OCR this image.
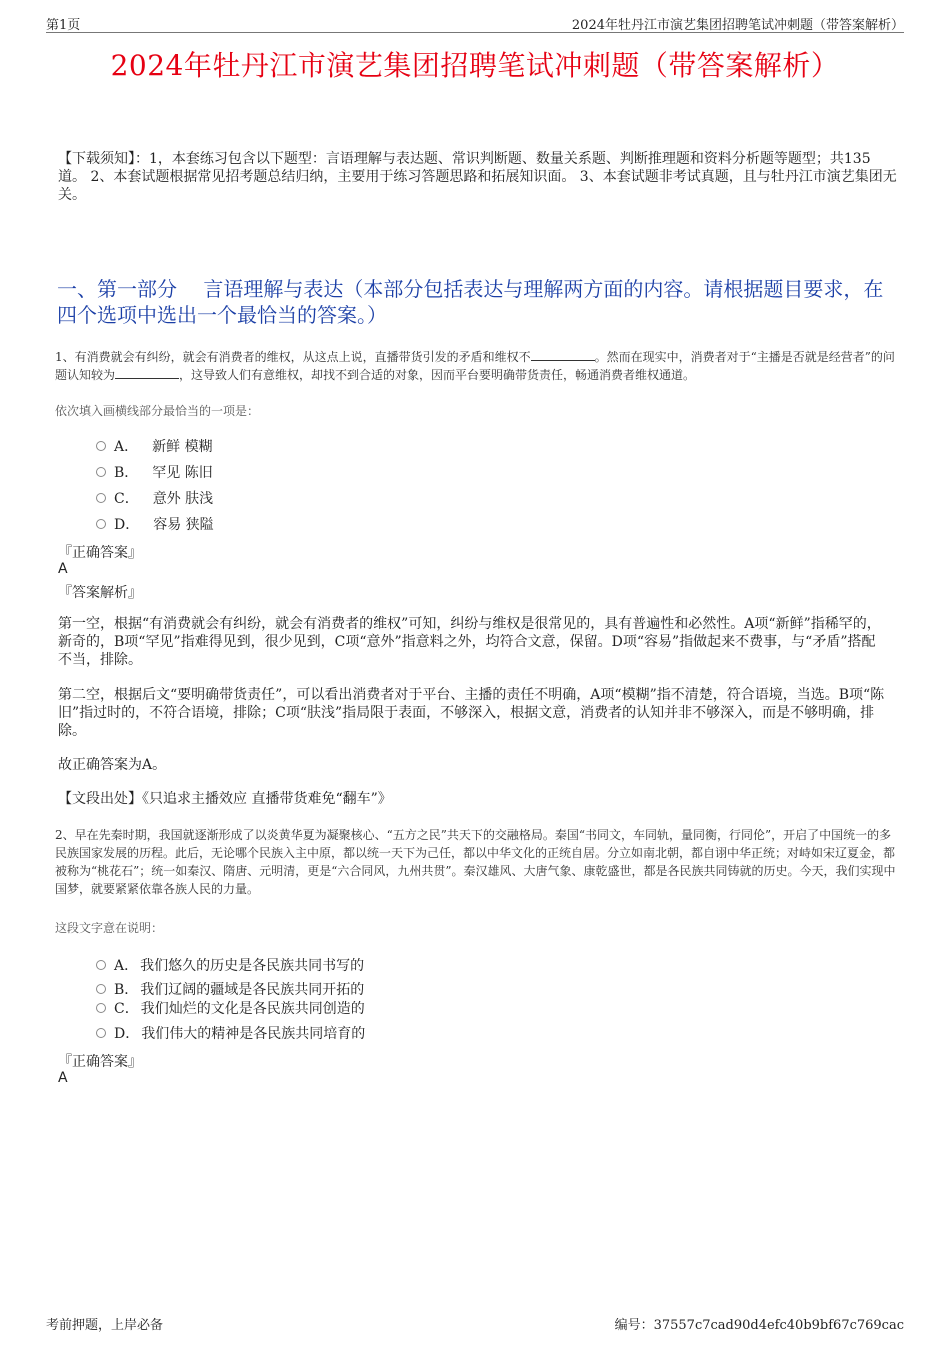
第1页	2024年牡丹江市演艺集团招聘笔试冲刺题（带答案解析）
2024年牡丹江市演艺集团招聘笔试冲刺题（带答案解析）
【下载须知】：1，本套练习包含以下题型：言语理解与表达题、常识判断题、数量关系题、判断推理题和资料分析题等题型；共135道。 2、本套试题根据常见招考题总结归纳，主要用于练习答题思路和拓展知识面。 3、本套试题非考试真题，且与牡丹江市演艺集团无关。
一、第一部分　 言语理解与表达（本部分包括表达与理解两方面的内容。请根据题目要求，在四个选项中选出一个最恰当的答案。）
1、有消费就会有纠纷，就会有消费者的维权，从这点上说，直播带货引发的矛盾和维权不	。然而在现实中，消费者对于“主播是否就是经营者”的问题认知较为	，这导致人们有意维权，却找不到合适的对象，因而平台要明确带货责任，畅通消费者维权通道。
依次填入画横线部分最恰当的一项是：
A． 新鲜 模糊
B． 罕见 陈旧
C． 意外 肤浅
D． 容易 狭隘
『正确答案』
A
『答案解析』
第一空，根据“有消费就会有纠纷，就会有消费者的维权”可知，纠纷与维权是很常见的，具有普遍性和必然性。A项“新鲜”指稀罕的，新奇的，B项“罕见”指难得见到，很少见到，C项“意外”指意料之外，均符合文意，保留。D项“容易”指做起来不费事，与“矛盾”搭配不当，排除。
第二空，根据后文“要明确带货责任”，可以看出消费者对于平台、主播的责任不明确，A项“模糊”指不清楚，符合语境，当选。B项“陈旧”指过时的，不符合语境，排除；C项“肤浅”指局限于表面，不够深入，根据文意，消费者的认知并非不够深入，而是不够明确，排除。
故正确答案为A。
【文段出处】《只追求主播效应 直播带货难免“翻车”》
2、早在先秦时期，我国就逐渐形成了以炎黄华夏为凝聚核心、“五方之民”共天下的交融格局。秦国“书同文，车同轨，量同衡，行同伦”，开启了中国统一的多民族国家发展的历程。此后，无论哪个民族入主中原，都以统一天下为己任，都以中华文化的正统自居。分立如南北朝，都自诩中华正统；对峙如宋辽夏金，都被称为“桃花石”；统一如秦汉、隋唐、元明清，更是“六合同风，九州共贯”。秦汉雄风、大唐气象、康乾盛世，都是各民族共同铸就的历史。今天，我们实现中国梦，就要紧紧依靠各族人民的力量。
这段文字意在说明：
A． 我们悠久的历史是各民族共同书写的
B． 我们辽阔的疆域是各民族共同开拓的
C． 我们灿烂的文化是各民族共同创造的
D． 我们伟大的精神是各民族共同培育的
『正确答案』
A
考前押题，上岸必备	编号：37557c7cad90d4efc40b9bf67c769cac
